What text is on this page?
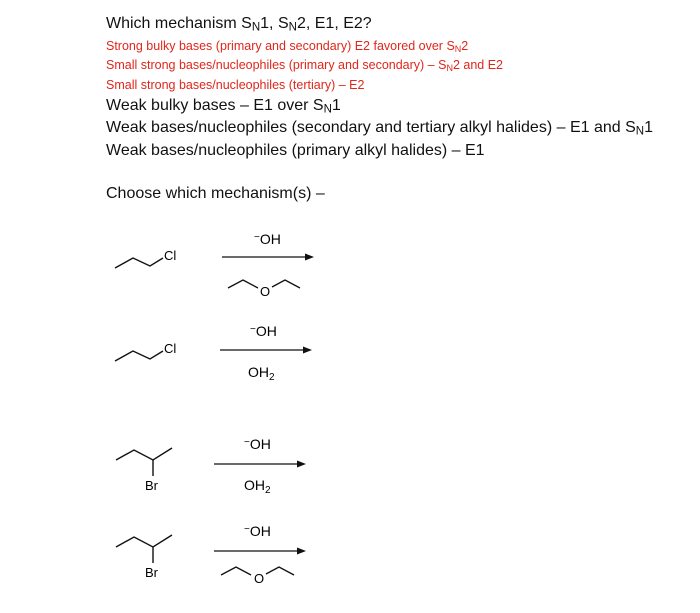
Which mechanism $S_N1$, $S_N2$, E1, E2?
Strong bulky bases (primary and secondary) E2 favored over $S_N2$
Small strong bases/nucleophiles (primary and secondary) – $S_N2$ and E2
Small strong bases/nucleophiles (tertiary) – E2
Weak bulky bases – E1 over $S_N1$
Weak bases/nucleophiles (secondary and tertiary alkyl halides) – E1 and $S_N1$
Weak bases/nucleophiles (primary alkyl halides) – E1
Choose which mechanism(s) –
Cl
−OH
O
Cl
−OH
$OH_2$
Br
−OH
$OH_2$
Br
−OH
O
